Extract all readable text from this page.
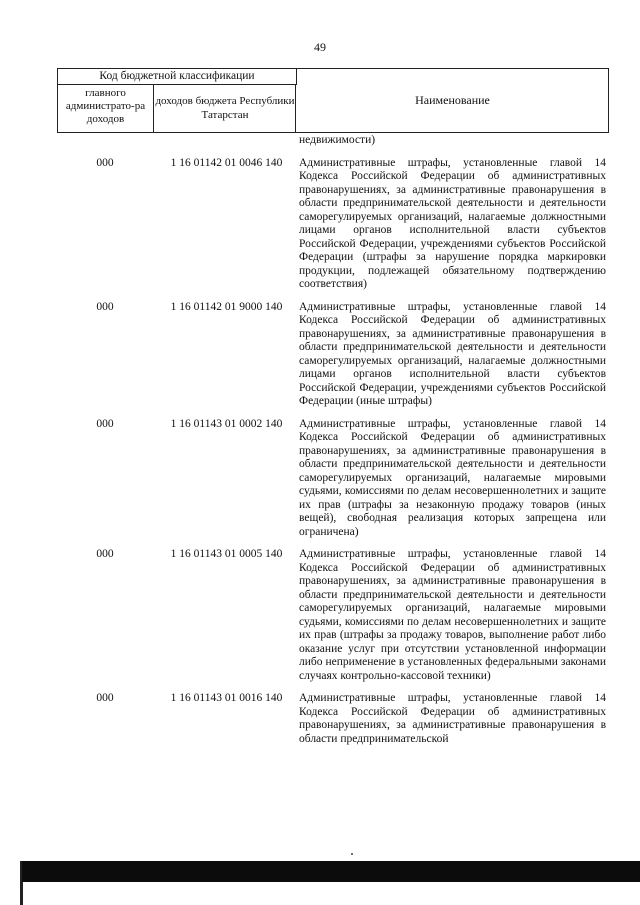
49
Код бюджетной классификации
главного администрато-ра доходов
доходов бюджета Республики Татарстан
Наименование
недвижимости)
000	1 16 01142 01 0046 140	Административные штрафы, установленные главой 14 Кодекса Российской Федерации об административных правонарушениях, за административные правонарушения в области предпринимательской деятельности и деятельности саморегулируемых организаций, налагаемые должностными лицами органов исполнительной власти субъектов Российской Федерации, учреждениями субъектов Российской Федерации (штрафы за нарушение порядка маркировки продукции, подлежащей обязательному подтверждению соответствия)
000	1 16 01142 01 9000 140	Административные штрафы, установленные главой 14 Кодекса Российской Федерации об административных правонарушениях, за административные правонарушения в области предпринимательской деятельности и деятельности саморегулируемых организаций, налагаемые должностными лицами органов исполнительной власти субъектов Российской Федерации, учреждениями субъектов Российской Федерации (иные штрафы)
000	1 16 01143 01 0002 140	Административные штрафы, установленные главой 14 Кодекса Российской Федерации об административных правонарушениях, за административные правонарушения в области предпринимательской деятельности и деятельности саморегулируемых организаций, налагаемые мировыми судьями, комиссиями по делам несовершеннолетних и защите их прав (штрафы за незаконную продажу товаров (иных вещей), свободная реализация которых запрещена или ограничена)
000	1 16 01143 01 0005 140	Административные штрафы, установленные главой 14 Кодекса Российской Федерации об административных правонарушениях, за административные правонарушения в области предпринимательской деятельности и деятельности саморегулируемых организаций, налагаемые мировыми судьями, комиссиями по делам несовершеннолетних и защите их прав (штрафы за продажу товаров, выполнение работ либо оказание услуг при отсутствии установленной информации либо неприменение в установленных федеральными законами случаях контрольно-кассовой техники)
000	1 16 01143 01 0016 140	Административные штрафы, установленные главой 14 Кодекса Российской Федерации об административных правонарушениях, за административные правонарушения в области предпринимательской
